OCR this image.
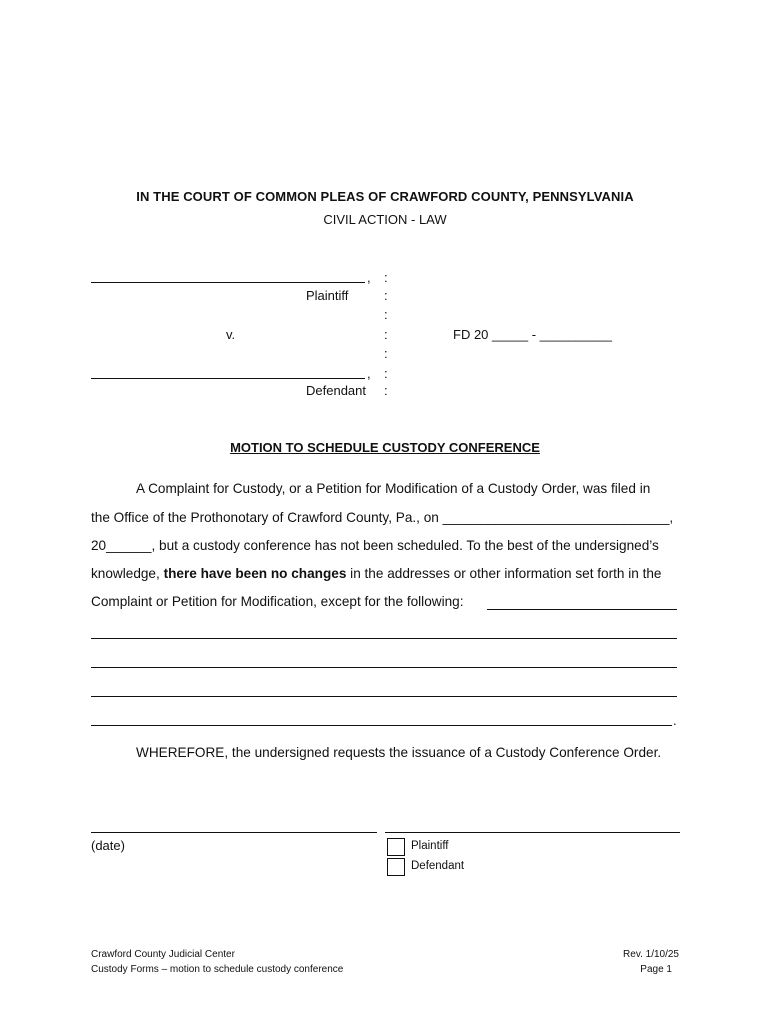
IN THE COURT OF COMMON PLEAS OF CRAWFORD COUNTY, PENNSYLVANIA
CIVIL ACTION - LAW
,
Plaintiff
v.
,
Defendant
:
:
:
:
:
:
:
FD 20 _____ - __________
MOTION TO SCHEDULE CUSTODY CONFERENCE
A Complaint for Custody, or a Petition for Modification of a Custody Order, was filed in
the Office of the Prothonotary of Crawford County, Pa., on ______________________________,
20______, but a custody conference has not been scheduled. To the best of the undersigned’s
knowledge, there have been no changes in the addresses or other information set forth in the
Complaint or Petition for Modification, except for the following:
.
WHEREFORE, the undersigned requests the issuance of a Custody Conference Order.
(date)	Plaintiff
Defendant
Crawford County Judicial Center
Custody Forms – motion to schedule custody conference
Rev. 1/10/25
Page 1
